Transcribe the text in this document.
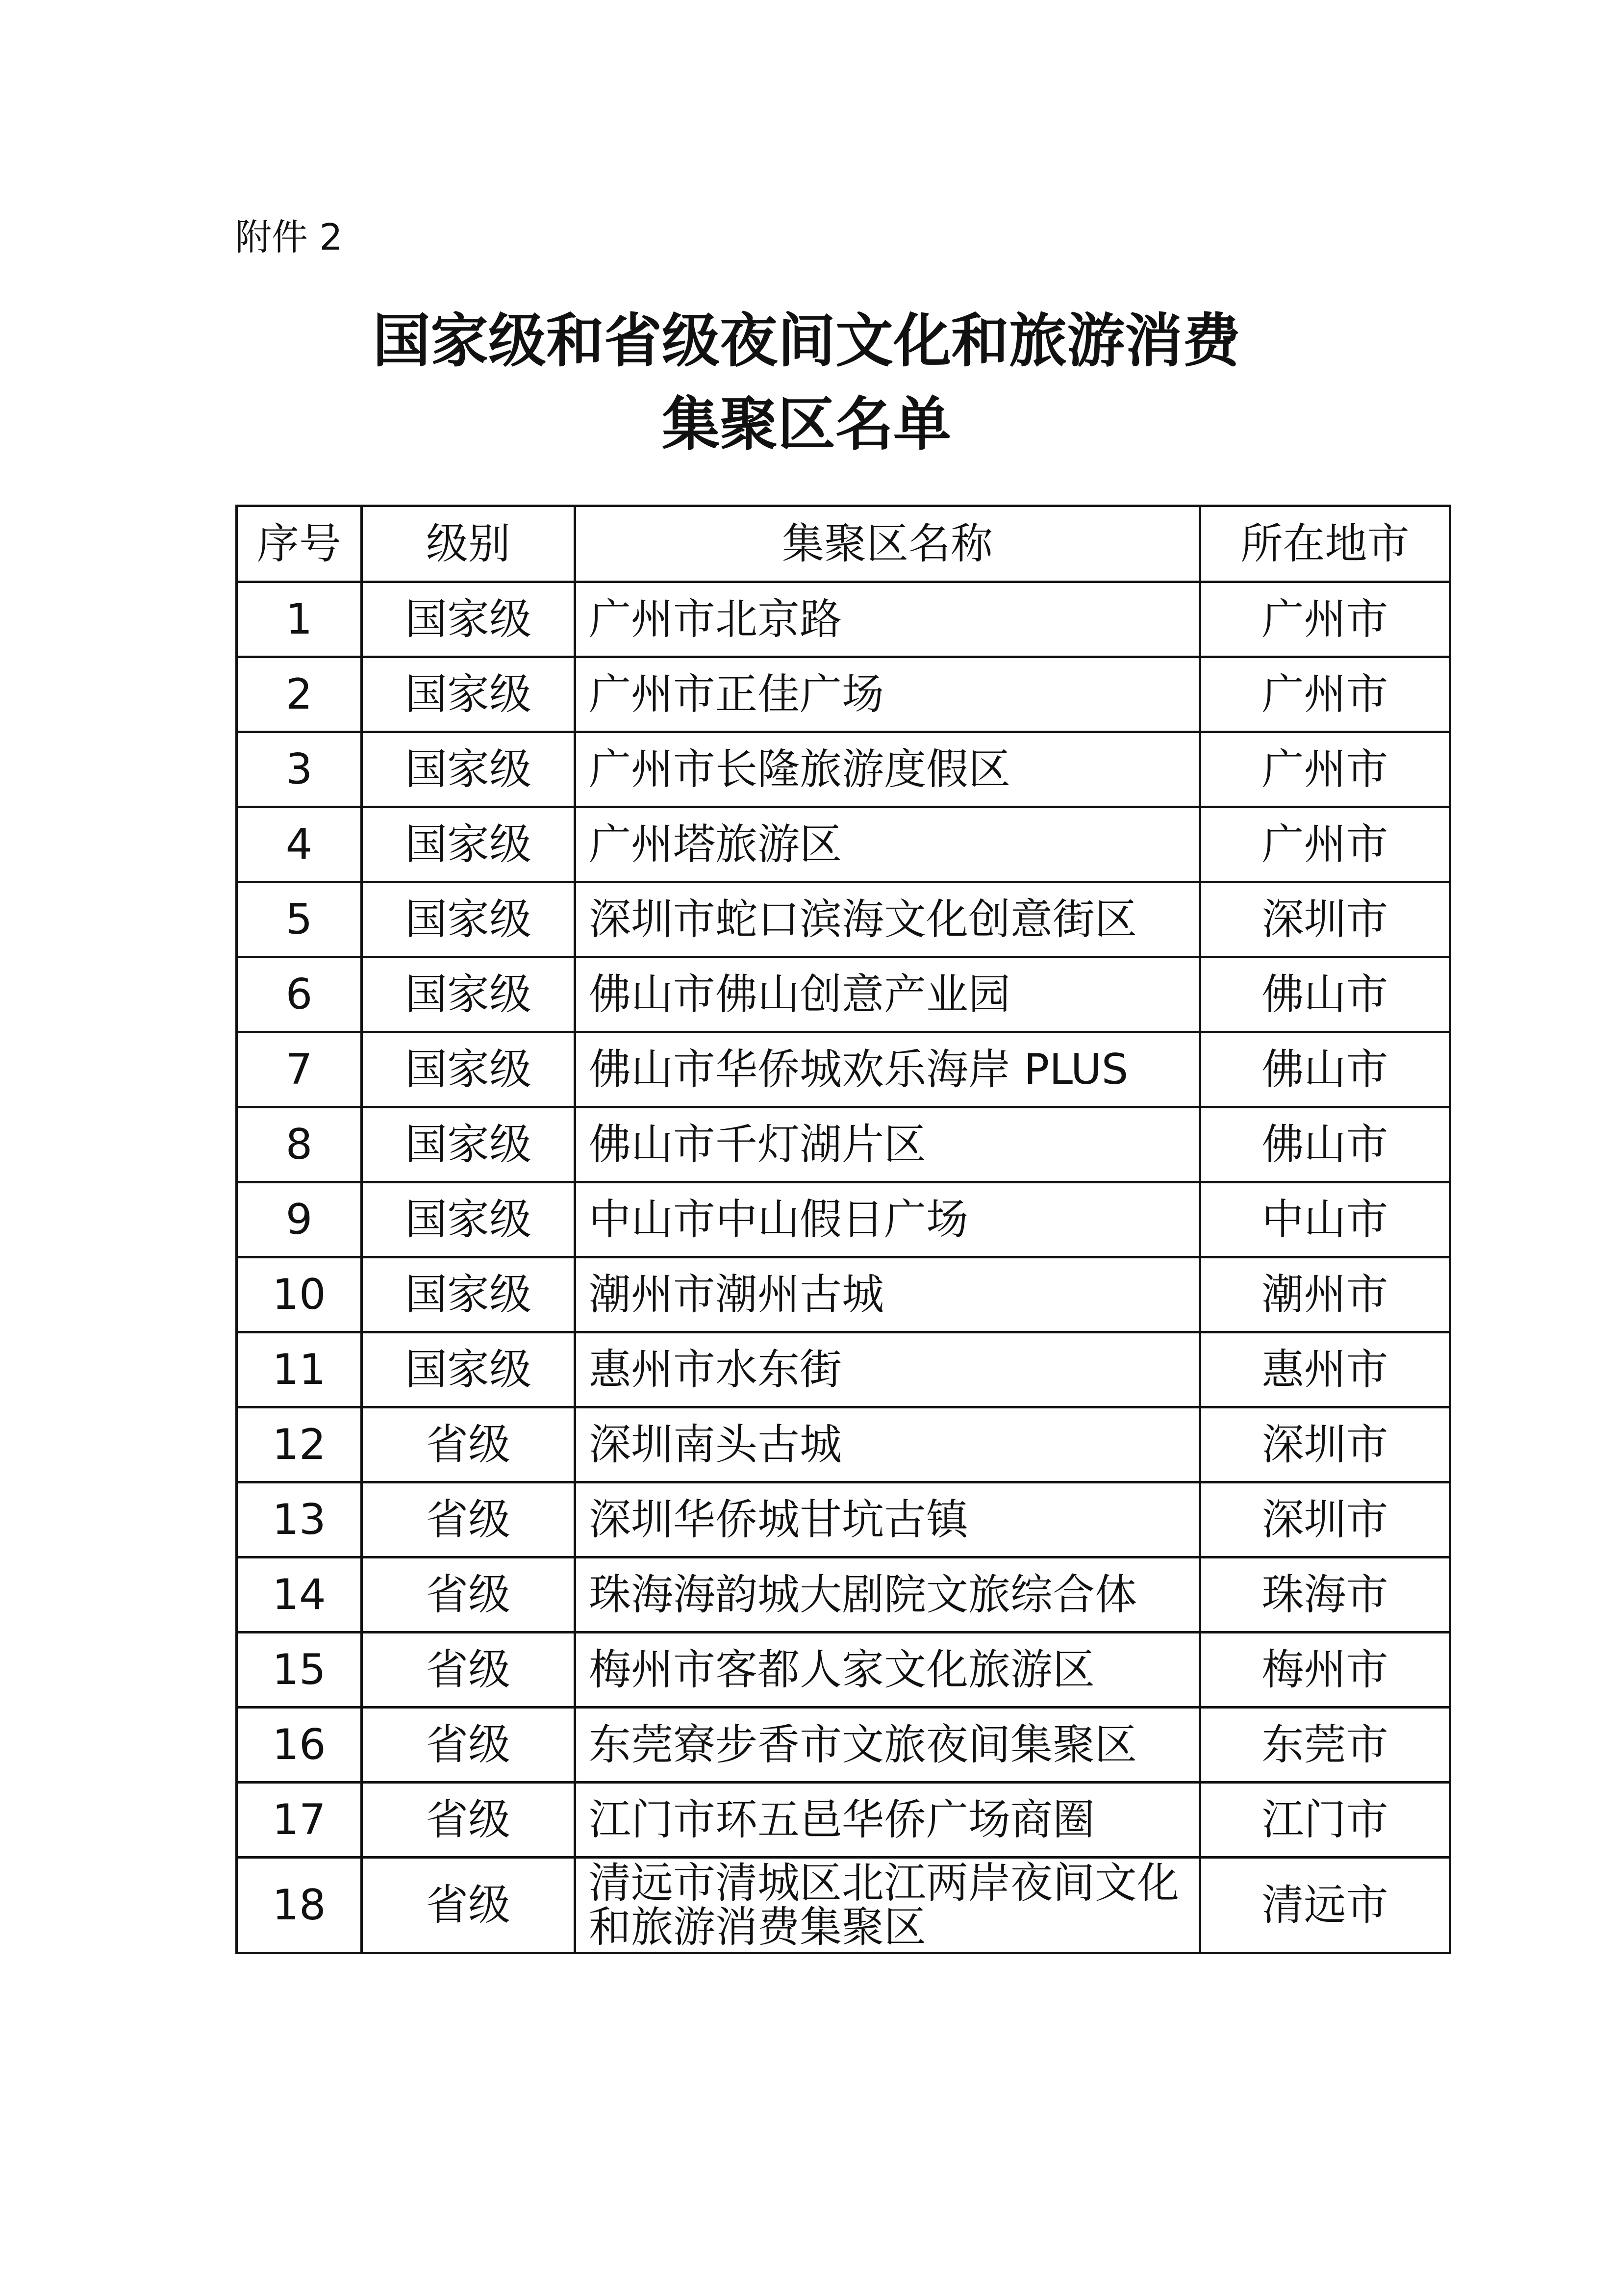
附件 2
国家级和省级夜间文化和旅游消费
集聚区名单
序号	级别	集聚区名称	所在地市
1	国家级	广州市北京路	广州市
2	国家级	广州市正佳广场	广州市
3	国家级	广州市长隆旅游度假区	广州市
4	国家级	广州塔旅游区	广州市
5	国家级	深圳市蛇口滨海文化创意街区	深圳市
6	国家级	佛山市佛山创意产业园	佛山市
7	国家级	佛山市华侨城欢乐海岸 PLUS	佛山市
8	国家级	佛山市千灯湖片区	佛山市
9	国家级	中山市中山假日广场	中山市
10	国家级	潮州市潮州古城	潮州市
11	国家级	惠州市水东街	惠州市
12	省级	深圳南头古城	深圳市
13	省级	深圳华侨城甘坑古镇	深圳市
14	省级	珠海海韵城大剧院文旅综合体	珠海市
15	省级	梅州市客都人家文化旅游区	梅州市
16	省级	东莞寮步香市文旅夜间集聚区	东莞市
17	省级	江门市环五邑华侨广场商圈	江门市
18	省级	清远市清城区北江两岸夜间文化和旅游消费集聚区	清远市
